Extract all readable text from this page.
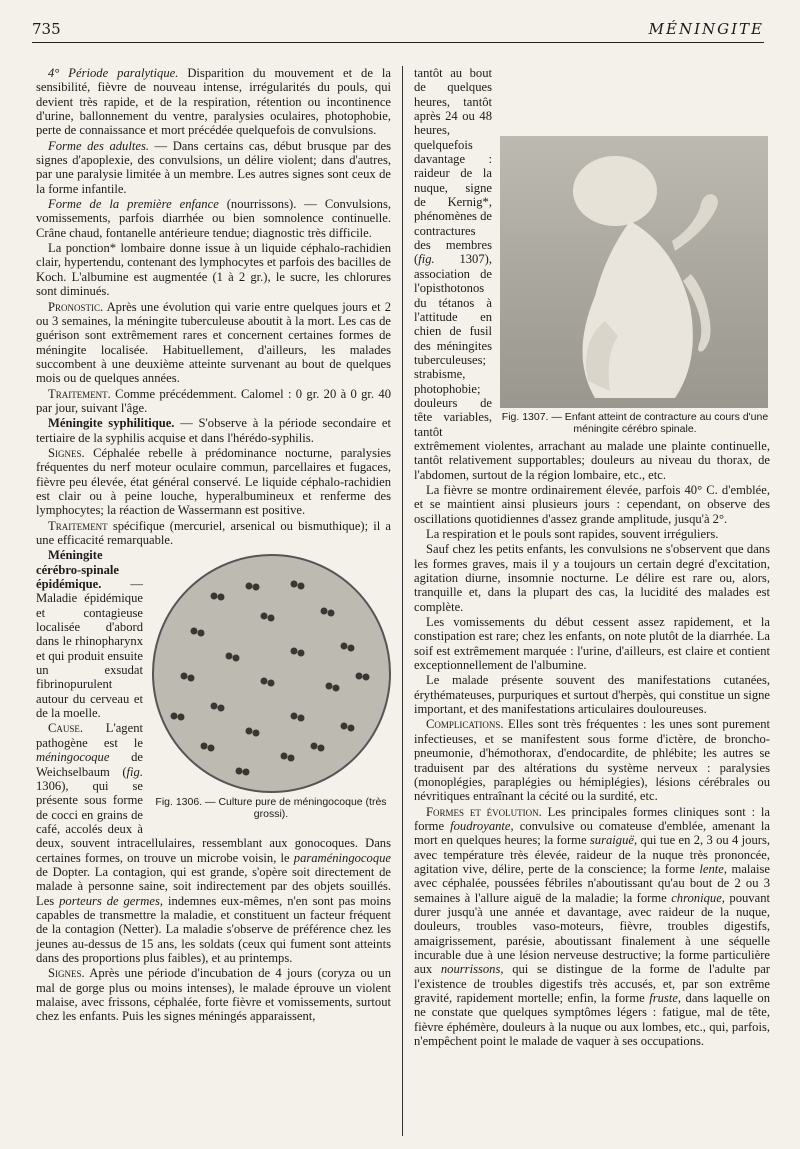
735	MÉNINGITE

4° Période paralytique. Disparition du mouvement et de la sensibilité, fièvre de nouveau intense, irrégularités du pouls, qui devient très rapide, et de la respiration, rétention ou incontinence d'urine, ballonnement du ventre, paralysies oculaires, photophobie, perte de connaissance et mort précédée quelquefois de convulsions.

Forme des adultes. — Dans certains cas, début brusque par des signes d'apoplexie, des convulsions, un délire violent; dans d'autres, par une paralysie limitée à un membre. Les autres signes sont ceux de la forme infantile.

Forme de la première enfance (nourrissons). — Convulsions, vomissements, parfois diarrhée ou bien somnolence continuelle. Crâne chaud, fontanelle antérieure tendue; diagnostic très difficile.

La ponction* lombaire donne issue à un liquide céphalo-rachidien clair, hypertendu, contenant des lymphocytes et parfois des bacilles de Koch. L'albumine est augmentée (1 à 2 gr.), le sucre, les chlorures sont diminués.

Pronostic. Après une évolution qui varie entre quelques jours et 2 ou 3 semaines, la méningite tuberculeuse aboutit à la mort. Les cas de guérison sont extrêmement rares et concernent certaines formes de méningite localisée. Habituellement, d'ailleurs, les malades succombent à une deuxième atteinte survenant au bout de quelques mois ou de quelques années.

Traitement. Comme précédemment. Calomel : 0 gr. 20 à 0 gr. 40 par jour, suivant l'âge.

Méningite syphilitique. — S'observe à la période secondaire et tertiaire de la syphilis acquise et dans l'hérédo-syphilis.

Signes. Céphalée rebelle à prédominance nocturne, paralysies fréquentes du nerf moteur oculaire commun, parcellaires et fugaces, fièvre peu élevée, état général conservé. Le liquide céphalo-rachidien est clair ou à peine louche, hyperalbumineux et renferme des lymphocytes; la réaction de Wassermann est positive.

Traitement spécifique (mercuriel, arsenical ou bismuthique); il a une efficacité remarquable.

Fig. 1306. — Culture pure de méningocoque (très grossi).

Méningite cérébro-spinale épidémique. — Maladie épidémique et contagieuse localisée d'abord dans le rhinopharynx et qui produit ensuite un exsudat fibrinopurulent autour du cerveau et de la moelle.

Cause. L'agent pathogène est le méningocoque de Weichselbaum (fig. 1306), qui se présente sous forme de cocci en grains de café, accolés deux à deux, souvent intracellulaires, ressemblant aux gonocoques. Dans certaines formes, on trouve un microbe voisin, le paraméningocoque de Dopter. La contagion, qui est grande, s'opère soit directement de malade à personne saine, soit indirectement par des objets souillés. Les porteurs de germes, indemnes eux-mêmes, n'en sont pas moins capables de transmettre la maladie, et constituent un facteur fréquent de la contagion (Netter). La maladie s'observe de préférence chez les jeunes au-dessus de 15 ans, les soldats (ceux qui fument sont atteints dans des proportions plus faibles), et au printemps.

Signes. Après une période d'incubation de 4 jours (coryza ou un mal de gorge plus ou moins intenses), le malade éprouve un violent malaise, avec frissons, céphalée, forte fièvre et vomissements, surtout chez les enfants. Puis les signes méningés apparaissent,

Fig. 1307. — Enfant atteint de contracture au cours d'une méningite cérébro spinale.

tantôt au bout de quelques heures, tantôt après 24 ou 48 heures, quelquefois davantage : raideur de la nuque, signe de Kernig*, phénomènes de contractures des membres (fig. 1307), association de l'opisthotonos du tétanos à l'attitude en chien de fusil des méningites tuberculeuses; strabisme, photophobie; douleurs de tête variables, tantôt extrêmement violentes, arrachant au malade une plainte continuelle, tantôt relativement supportables; douleurs au niveau du thorax, de l'abdomen, surtout de la région lombaire, etc., etc.

La fièvre se montre ordinairement élevée, parfois 40° C. d'emblée, et se maintient ainsi plusieurs jours : cependant, on observe des oscillations quotidiennes d'assez grande amplitude, jusqu'à 2°.

La respiration et le pouls sont rapides, souvent irréguliers.

Sauf chez les petits enfants, les convulsions ne s'observent que dans les formes graves, mais il y a toujours un certain degré d'excitation, agitation diurne, insomnie nocturne. Le délire est rare ou, alors, tranquille et, dans la plupart des cas, la lucidité des malades est complète.

Les vomissements du début cessent assez rapidement, et la constipation est rare; chez les enfants, on note plutôt de la diarrhée. La soif est extrêmement marquée : l'urine, d'ailleurs, est claire et contient exceptionnellement de l'albumine.

Le malade présente souvent des manifestations cutanées, érythémateuses, purpuriques et surtout d'herpès, qui constitue un signe important, et des manifestations articulaires douloureuses.

Complications. Elles sont très fréquentes : les unes sont purement infectieuses, et se manifestent sous forme d'ictère, de broncho-pneumonie, d'hémothorax, d'endocardite, de phlébite; les autres se traduisent par des altérations du système nerveux : paralysies (monoplégies, paraplégies ou hémiplégies), lésions cérébrales ou névritiques entraînant la cécité ou la surdité, etc.

Formes et évolution. Les principales formes cliniques sont : la forme foudroyante, convulsive ou comateuse d'emblée, amenant la mort en quelques heures; la forme suraiguë, qui tue en 2, 3 ou 4 jours, avec température très élevée, raideur de la nuque très prononcée, agitation vive, délire, perte de la conscience; la forme lente, malaise avec céphalée, poussées fébriles n'aboutissant qu'au bout de 2 ou 3 semaines à l'allure aiguë de la maladie; la forme chronique, pouvant durer jusqu'à une année et davantage, avec raideur de la nuque, douleurs, troubles vaso-moteurs, fièvre, troubles digestifs, amaigrissement, parésie, aboutissant finalement à une séquelle incurable due à une lésion nerveuse destructive; la forme particulière aux nourrissons, qui se distingue de la forme de l'adulte par l'existence de troubles digestifs très accusés, et, par son extrême gravité, rapidement mortelle; enfin, la forme fruste, dans laquelle on ne constate que quelques symptômes légers : fatigue, mal de tête, fièvre éphémère, douleurs à la nuque ou aux lombes, etc., qui, parfois, n'empêchent point le malade de vaquer à ses occupations.
